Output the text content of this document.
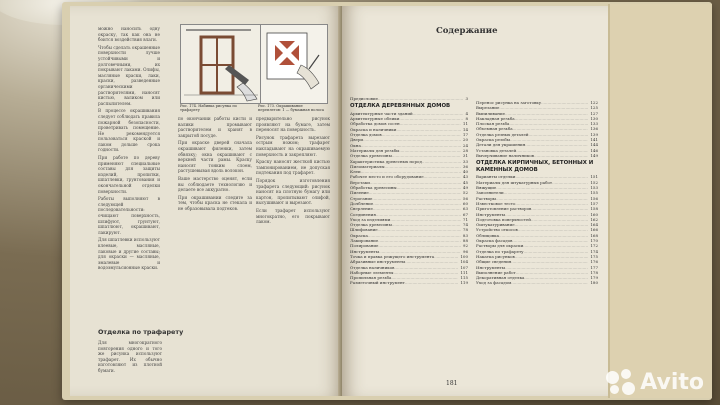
можно наносить одну окраску, так как она не боится воздействия влаги.

Чтобы сделать окрашенные поверхности лучше устойчивыми и долговечными, их покрывают лаками. Олифы, масляные краски, лаки, краски, разведенные органическими растворителями, наносят кистью, валиком или распылителем.

В процессе окрашивания следует соблюдать правила пожарной безопасности, проветривать помещение. Не рекомендуется пользоваться краской и лаком дольше срока годности.

При работе по дереву применяют специальные составы для защиты изделий, пропитки, шпатлевки, грунтования и окончательной отделки поверхности.

Работы выполняют в следующей последовательности: очищают поверхность, шлифуют, грунтуют, шпатлюют, окрашивают, лакируют.

Для шпатлевки используют клеевые, масляные, лаковые и другие составы; для окраски — масляные, эмалевые и водоэмульсионные краски.

Рис. 173. Окрашивание переплетов: 1 — бумажная полоса
Рис. 174. Набивка рисунка по трафарету

по окончании работы кисти и валики промывают растворителем и хранят в закрытой посуде.

При окраске дверей сначала окрашивают филенки, затем обвязку; окна окрашивают с верхней части рамы. Краску наносят тонким слоем, растушевывая вдоль волокон.

Ваше мастерство оценят, если вы соблюдаете технологию и делаете все аккуратно.

При окрашивании следите за тем, чтобы краска не стекала и не образовывала подтеков.

предварительно рисунок проявляют на бумаге, затем переносят на поверхность.

Рисунок трафарета вырезают острым ножом; трафарет накладывают на окрашиваемую поверхность и закрепляют.

Краску наносят жесткой кистью тампонированием, не допуская подтекания под трафарет.

Порядок изготовления трафарета следующий: рисунок наносят на плотную бумагу или картон, пропитывают олифой, высушивают и вырезают.

Если трафарет используют многократно, его покрывают лаком.

Отделка по трафарету
Для многократного повторения одного и того же рисунка используют трафарет. Их обычно изготовляют из плотной бумаги.
Содержание
Предисловие .....	3
ОТДЕЛКА ДЕРЕВЯННЫХ ДОМОВ
Архитектурные части зданий .....	4
Архитектурные облики .....	8
Обработка домов сосен .....	11
Окраска и наличники .....	14
Отделка домов .....	17
Двери .....	20
Окна .....	24
Материалы для резьбы .....	28
Отделка древесины .....	31
Характеристика древесных пород .....	33
Пиломатериалы .....	36
Клеи .....	40
Рабочее место и его оборудование .....	43
Верстаки .....	45
Обработка древесины .....	49
Пиление .....	52
Строгание .....	56
Долбление .....	60
Сверление .....	63
Соединения .....	67
Уход за изделиями .....	71
Отделка древесины .....	74
Шлифование .....	78
Окраска .....	83
Лакирование .....	88
Полирование .....	92
Инструменты .....	96
Точка и правка режущего инструмента .....	100
Абразивные инструменты .....	104
Отделка наличников .....	107
Наборные элементы .....	111
Пропильная резьба .....	115
Разметочный инструмент .....	119
Перенос рисунка на заготовку .....	122
Вырезание .....	125
Выпиливание .....	127
Накладная резьба .....	130
Плоская резьба .....	133
Объемная резьба .....	136
Отделка резных деталей .....	139
Окраска резьбы .....	141
Детали для украшения .....	144
Установка деталей .....	146
Вычерчивание наличников .....	149
ОТДЕЛКА КИРПИЧНЫХ, БЕТОННЫХ И КАМЕННЫХ ДОМОВ
Варианты отделки .....	151
Материалы для штукатурных работ .....	152
Вяжущие .....	153
Заполнители .....	155
Растворы .....	156
Известковое тесто .....	157
Приготовление растворов .....	158
Инструменты .....	160
Подготовка поверхностей .....	162
Оштукатуривание .....	164
Устройство откосов .....	166
Облицовка .....	168
Окраска фасадов .....	170
Растворы для окраски .....	172
Отделка по трафарету .....	174
Накатка рисунков .....	175
Общие сведения .....	176
Инструменты .....	177
Выполнение работ .....	178
Декоративная отделка .....	179
Уход за фасадом .....	180
181	Avito
